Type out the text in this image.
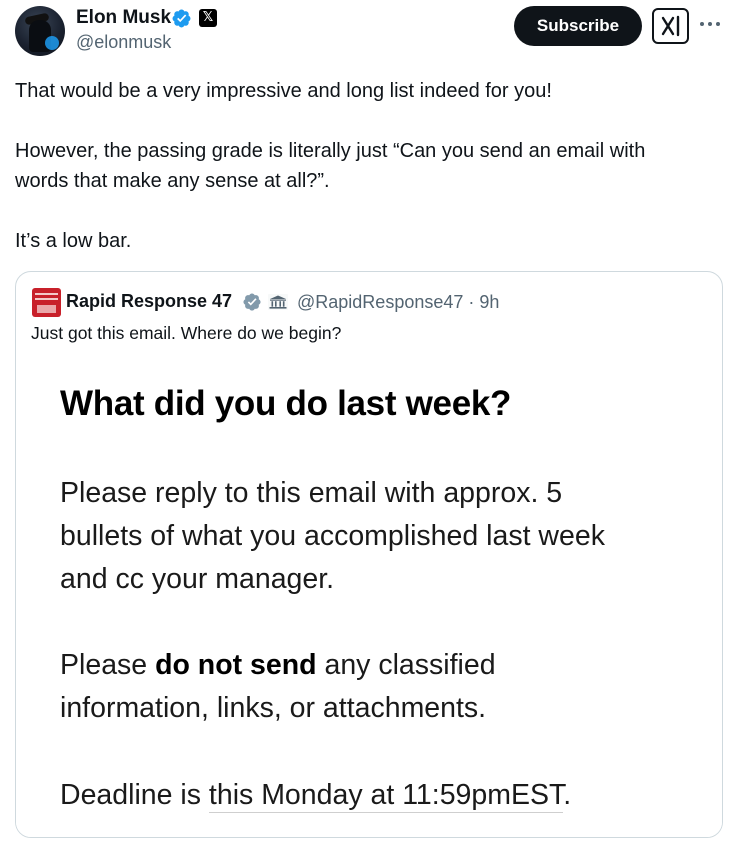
Elon Musk 𝕏
@elonmusk
Subscribe
That would be a very impressive and long list indeed for you!
However, the passing grade is literally just “Can you send an email with
words that make any sense at all?”.
It’s a low bar.
Rapid Response 47	@RapidResponse47 · 9h
Just got this email. Where do we begin?
What did you do last week?
Please reply to this email with approx. 5
bullets of what you accomplished last week
and cc your manager.
Please do not send any classified
information, links, or attachments.
Deadline is this Monday at 11:59pmEST.
